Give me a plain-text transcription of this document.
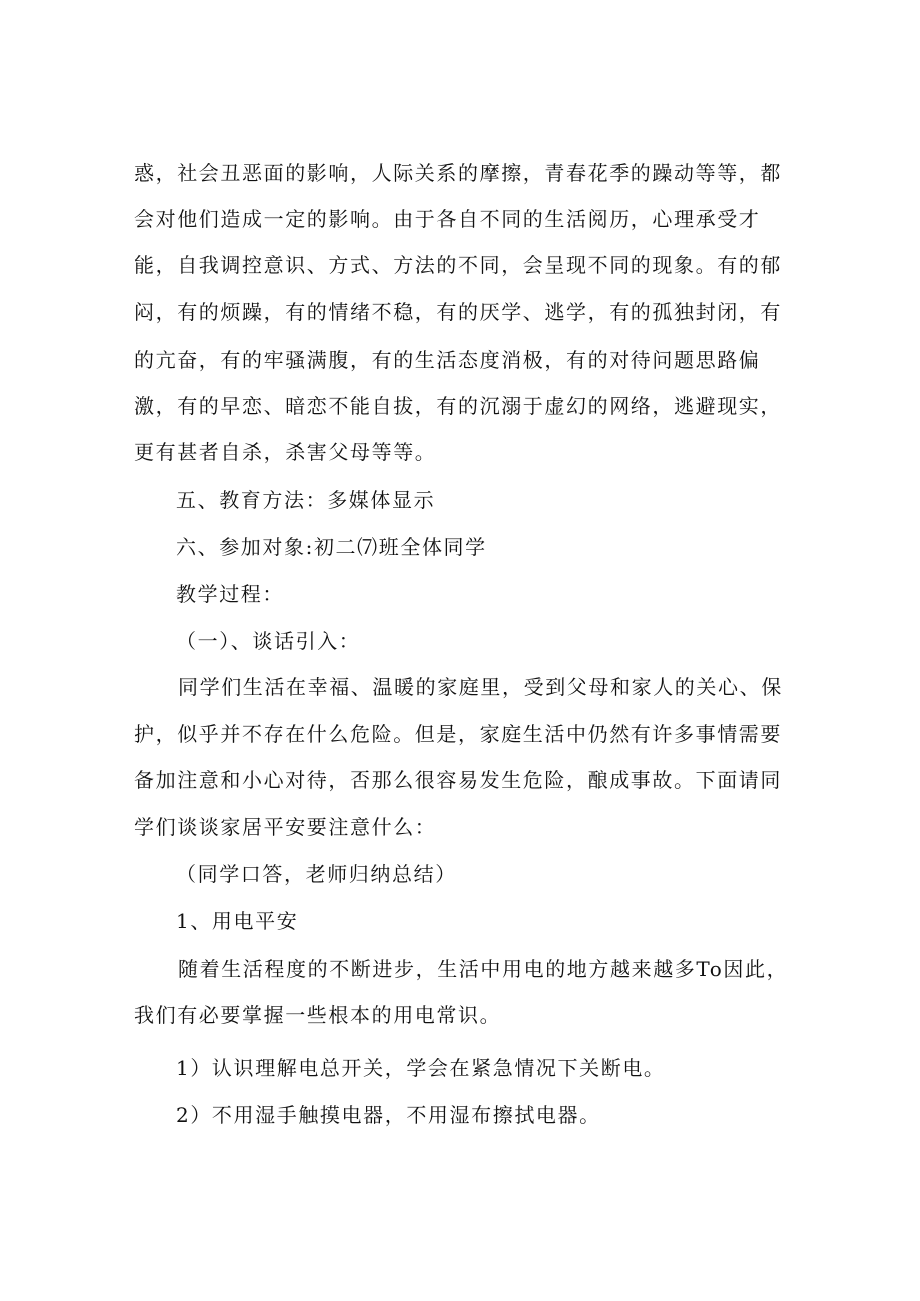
惑，社会丑恶面的影响，人际关系的摩擦，青春花季的躁动等等，都
会对他们造成一定的影响。由于各自不同的生活阅历，心理承受才
能，自我调控意识、方式、方法的不同，会呈现不同的现象。有的郁
闷，有的烦躁，有的情绪不稳，有的厌学、逃学，有的孤独封闭，有
的亢奋，有的牢骚满腹，有的生活态度消极，有的对待问题思路偏
激，有的早恋、暗恋不能自拔，有的沉溺于虚幻的网络，逃避现实，
更有甚者自杀，杀害父母等等。
五、教育方法：多媒体显示
六、参加对象:初二⑺班全体同学
教学过程：
（一）、谈话引入：
同学们生活在幸福、温暖的家庭里，受到父母和家人的关心、保
护，似乎并不存在什么危险。但是，家庭生活中仍然有许多事情需要
备加注意和小心对待，否那么很容易发生危险，酿成事故。下面请同
学们谈谈家居平安要注意什么：
（同学口答，老师归纳总结）
1、用电平安
随着生活程度的不断进步，生活中用电的地方越来越多To因此，
我们有必要掌握一些根本的用电常识。
1）认识理解电总开关，学会在紧急情况下关断电。
2）不用湿手触摸电器，不用湿布擦拭电器。
